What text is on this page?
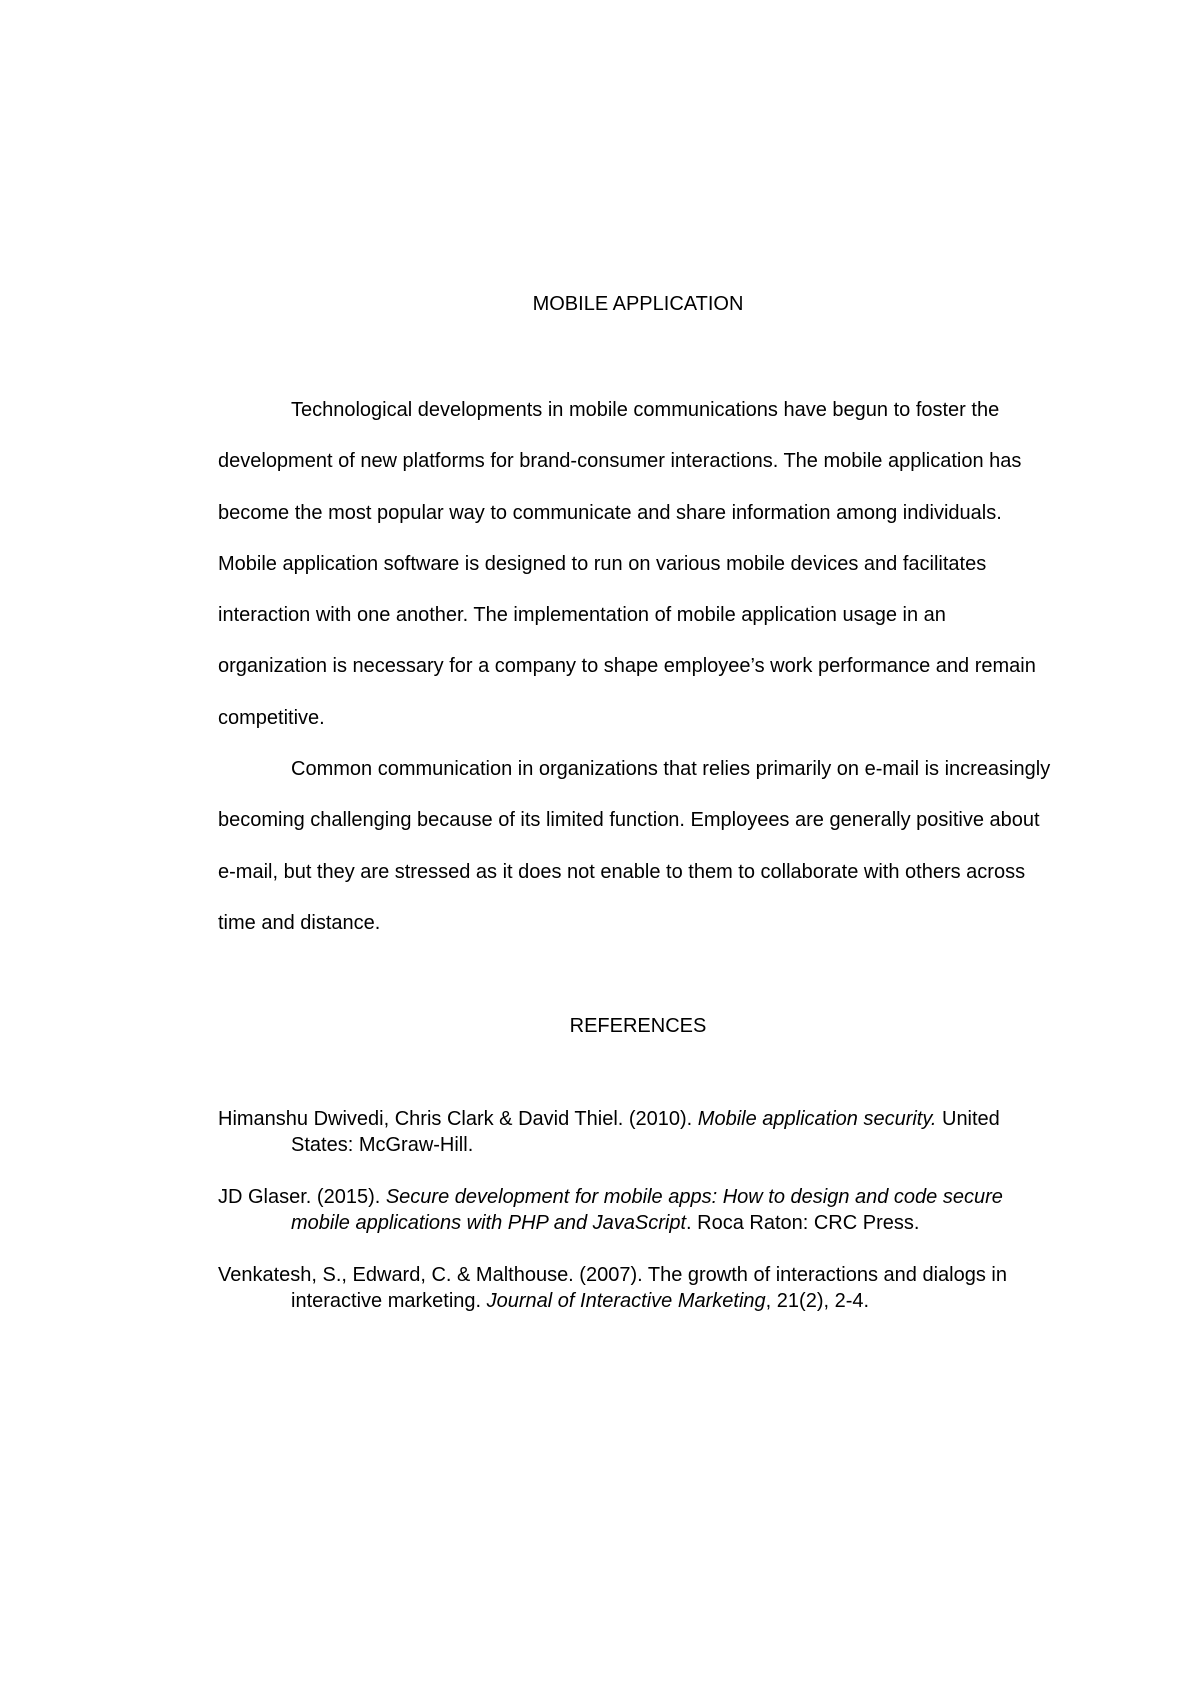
MOBILE APPLICATION

Technological developments in mobile communications have begun to foster the development of new platforms for brand-consumer interactions. The mobile application has become the most popular way to communicate and share information among individuals. Mobile application software is designed to run on various mobile devices and facilitates interaction with one another. The implementation of mobile application usage in an organization is necessary for a company to shape employee’s work performance and remain competitive.

Common communication in organizations that relies primarily on e-mail is increasingly becoming challenging because of its limited function. Employees are generally positive about e-mail, but they are stressed as it does not enable to them to collaborate with others across time and distance.

REFERENCES

Himanshu Dwivedi, Chris Clark & David Thiel. (2010). Mobile application security. United States: McGraw-Hill.

JD Glaser. (2015). Secure development for mobile apps: How to design and code secure mobile applications with PHP and JavaScript. Roca Raton: CRC Press.

Venkatesh, S., Edward, C. & Malthouse. (2007). The growth of interactions and dialogs in interactive marketing. Journal of Interactive Marketing, 21(2), 2-4.
